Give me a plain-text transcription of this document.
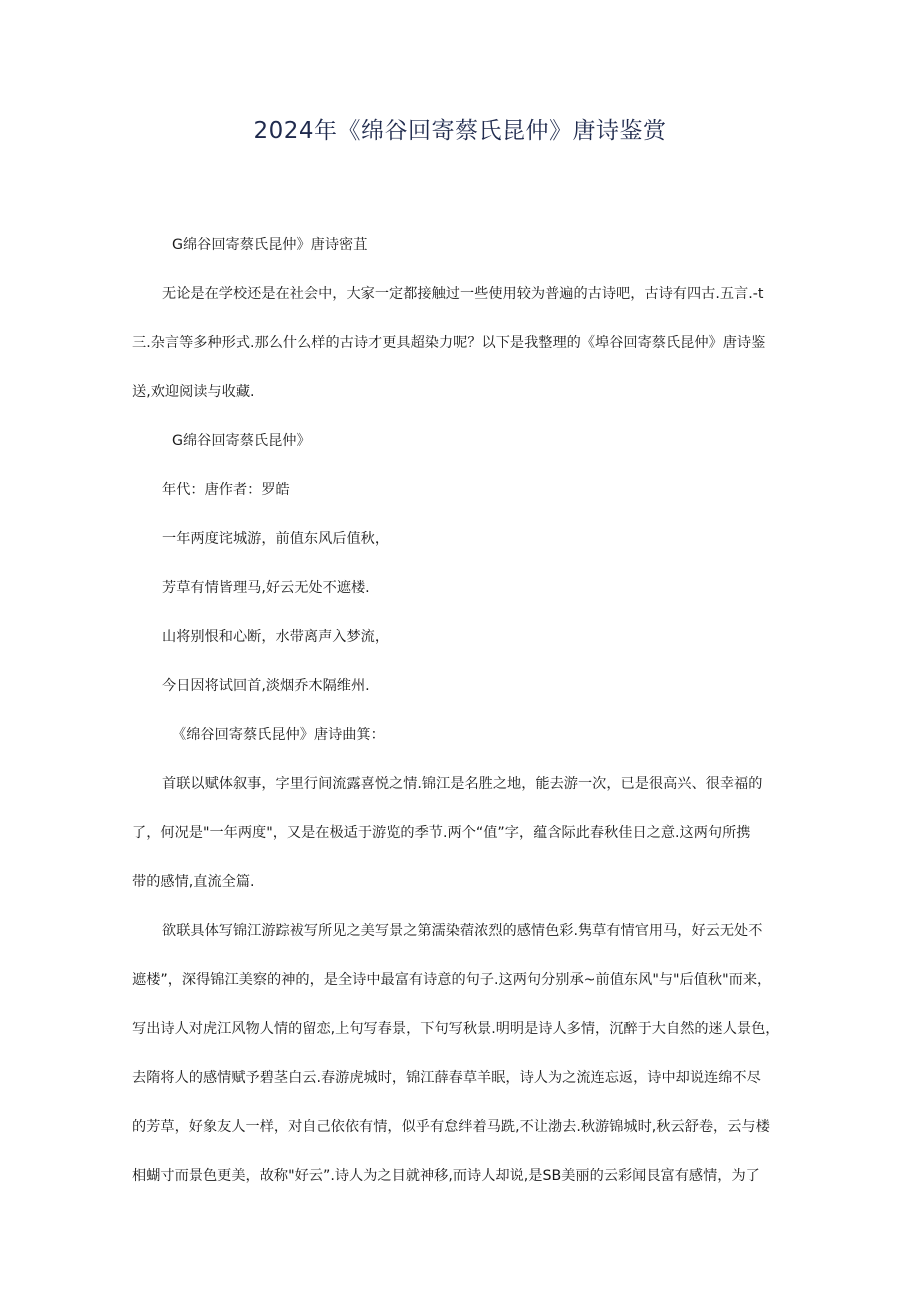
2024年《绵谷回寄蔡氏昆仲》唐诗鉴赏

G绵谷回寄蔡氏昆仲》唐诗密苴

无论是在学校还是在社会中，大家一定都接触过一些使用较为普遍的古诗吧，古诗有四古.五言.-t
三.杂言等多种形式.那么什么样的古诗才更具超染力呢？以下是我整理的《埠谷回寄蔡氏昆仲》唐诗鉴
送,欢迎阅读与收藏.

G绵谷回寄蔡氏昆仲》

年代：唐作者：罗皓

一年两度诧城游，前值东风后值秋，

芳草有情皆理马,好云无处不遮楼.

山将别恨和心断，水带离声入梦流，

今日因将试回首,淡烟乔木隔维州.

《绵谷回寄蔡氏昆仲》唐诗曲箕：

首联以赋体叙事，字里行间流露喜悦之情.锦江是名胜之地，能去游一次，已是很高兴、很幸福的
了，何况是"一年两度"，又是在极适于游览的季节.两个“值”字，蕴含际此春秋佳日之意.这两句所携
带的感情,直流全篇.

欲联具体写锦江游踪袚写所见之美写景之第濡染蓿浓烈的感情色彩.隽草有情官用马，好云无处不
遮楼”，深得锦江美察的神的，是全诗中最富有诗意的句子.这两句分别承~前值东风"与"后值秋"而来，
写出诗人对虎江风物人情的留恋,上句写春景，下句写秋景.明明是诗人多情，沉醉于大自然的迷人景色，
去隋将人的感情赋予碧茎白云.春游虎城时，锦江薛春草羊眠，诗人为之流连忘返，诗中却说连绵不尽
的芳草，好象友人一样，对自己依依有情，似乎有怠绊着马跣,不让渤去.秋游锦城时,秋云舒卷，云与楼
相蝴寸而景色更美，故称"好云”.诗人为之目就神移,而诗人却说,是SB美丽的云彩闻艮富有感情，为了
